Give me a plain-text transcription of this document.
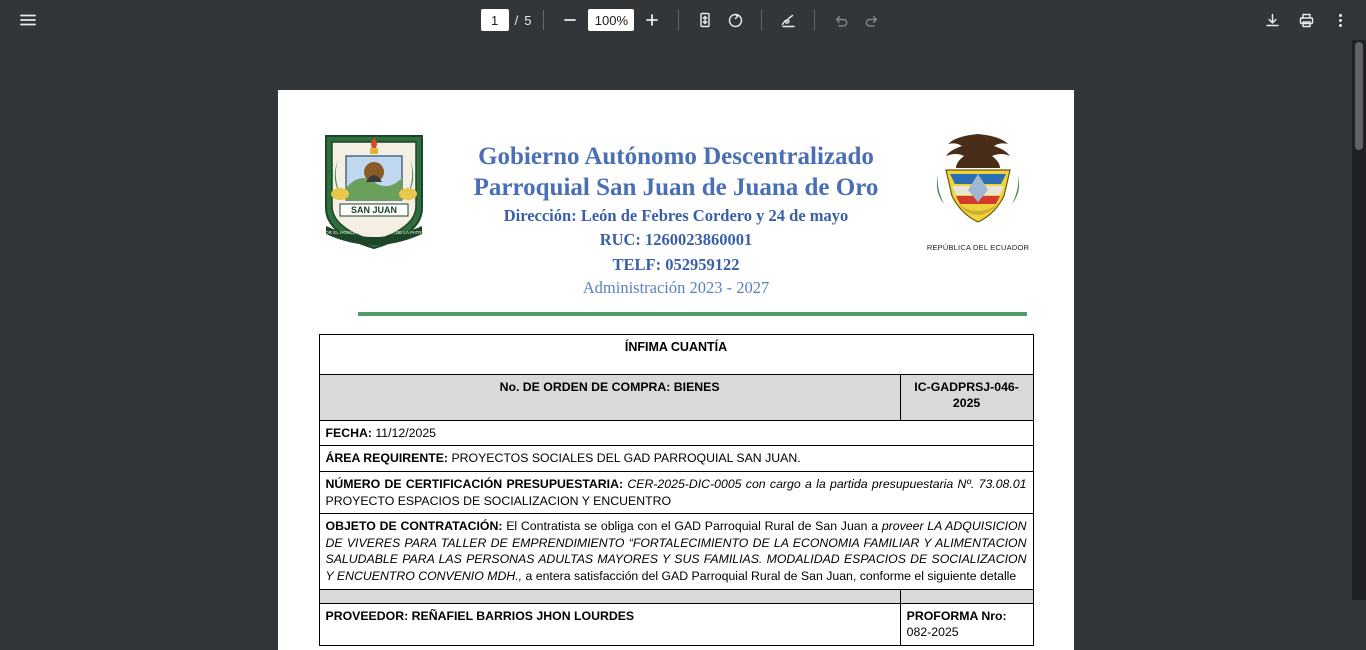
1
/ 5	100%
SAN JUAN
POR EL HONOR Y LA GRANDEZA DE LA PATRIA
Gobierno Autónomo Descentralizado
Parroquial San Juan de Juana de Oro
Dirección: León de Febres Cordero y 24 de mayo
RUC: 1260023860001
TELF: 052959122
Administración 2023 - 2027
REPÚBLICA DEL ECUADOR
ÍNFIMA CUANTÍA	
No. DE ORDEN DE COMPRA: BIENES	IC-GADPRSJ-046-2025
FECHA: 11/12/2025	
ÁREA REQUIRENTE: PROYECTOS SOCIALES DEL GAD PARROQUIAL SAN JUAN.	
NÚMERO DE CERTIFICACIÓN PRESUPUESTARIA: CER-2025-DIC-0005 con cargo a la partida presupuestaria Nº. 73.08.01 PROYECTO ESPACIOS DE SOCIALIZACION Y ENCUENTRO	
OBJETO DE CONTRATACIÓN: El Contratista se obliga con el GAD Parroquial Rural de San Juan a proveer LA ADQUISICION DE VIVERES PARA TALLER DE EMPRENDIMIENTO “FORTALECIMIENTO DE LA ECONOMIA FAMILIAR Y ALIMENTACION SALUDABLE PARA LAS PERSONAS ADULTAS MAYORES Y SUS FAMILIAS. MODALIDAD ESPACIOS DE SOCIALIZACION Y ENCUENTRO CONVENIO MDH., a entera satisfacción del GAD Parroquial Rural de San Juan, conforme el siguiente detalle	

PROVEEDOR: REÑAFIEL BARRIOS JHON LOURDES	PROFORMA Nro: 082-2025
